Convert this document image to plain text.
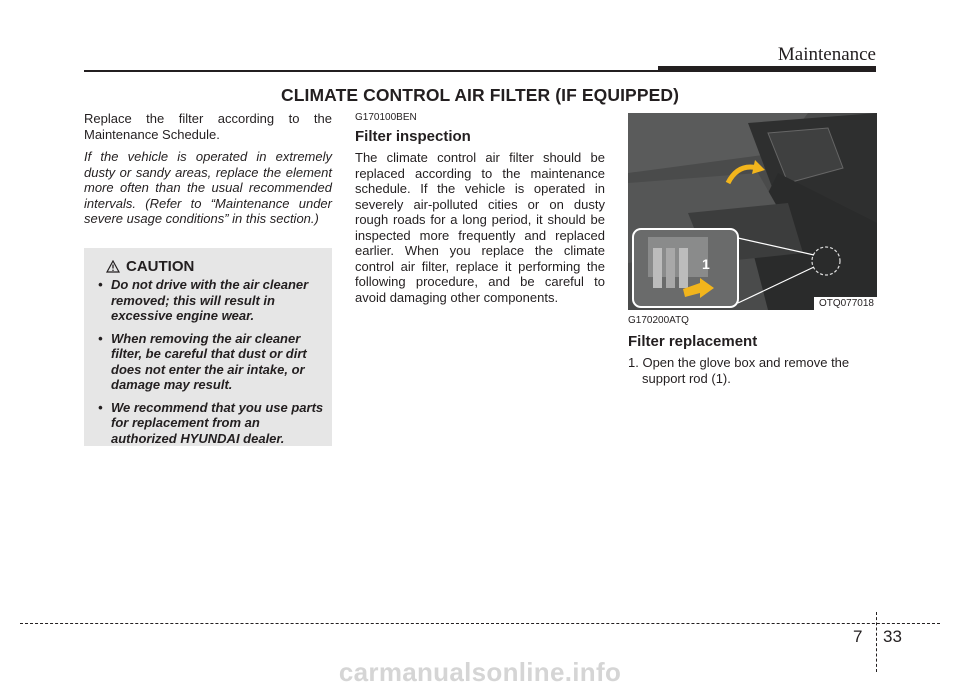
Maintenance
CLIMATE CONTROL AIR FILTER (IF EQUIPPED)

Replace the filter according to the Maintenance Schedule.

If the vehicle is operated in extremely dusty or sandy areas, replace the element more often than the usual recommended intervals. (Refer to “Maintenance under severe usage conditions” in this section.)

CAUTION
• Do not drive with the air cleaner removed; this will result in excessive engine wear.
• When removing the air cleaner filter, be careful that dust or dirt does not enter the air intake, or damage may result.
• We recommend that you use parts for replacement from an authorized HYUNDAI dealer.
G170100BEN
Filter inspection
The climate control air filter should be replaced according to the maintenance schedule. If the vehicle is operated in severely air-polluted cities or on dusty rough roads for a long period, it should be inspected more frequently and replaced earlier. When you replace the climate control air filter, replace it performing the following procedure, and be careful to avoid damaging other components.
1
OTQ077018
G170200ATQ
Filter replacement
1. Open the glove box and remove the support rod (1).
7 33
carmanualsonline.info
